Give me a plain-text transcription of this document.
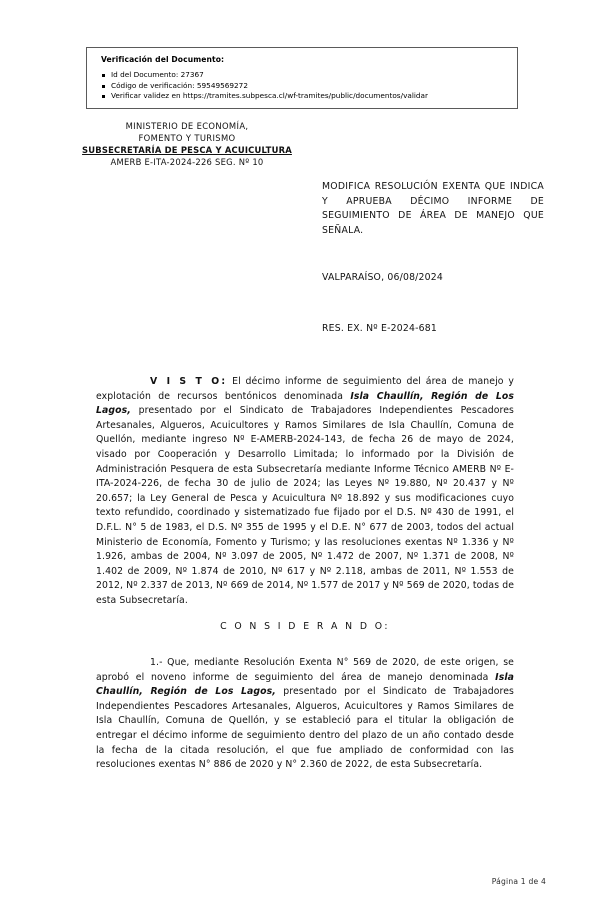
Verificación del Documento:
Id del Documento: 27367
Código de verificación: 59549569272
Verificar validez en https://tramites.subpesca.cl/wf-tramites/public/documentos/validar
MINISTERIO DE ECONOMÍA,
FOMENTO Y TURISMO
SUBSECRETARÍA DE PESCA Y ACUICULTURA
AMERB E-ITA-2024-226 SEG. Nº 10
MODIFICA RESOLUCIÓN EXENTA QUE INDICA Y APRUEBA DÉCIMO INFORME DE SEGUIMIENTO DE ÁREA DE MANEJO QUE SEÑALA.
VALPARAÍSO, 06/08/2024
RES. EX. Nº E-2024-681

V I S T O: El décimo informe de seguimiento del área de manejo y explotación de recursos bentónicos denominada Isla Chaullín, Región de Los Lagos, presentado por el Sindicato de Trabajadores Independientes Pescadores Artesanales, Algueros, Acuicultores y Ramos Similares de Isla Chaullín, Comuna de Quellón, mediante ingreso Nº E-AMERB-2024-143, de fecha 26 de mayo de 2024, visado por Cooperación y Desarrollo Limitada; lo informado por la División de Administración Pesquera de esta Subsecretaría mediante Informe Técnico AMERB Nº E-ITA-2024-226, de fecha 30 de julio de 2024; las Leyes Nº 19.880, Nº 20.437 y Nº 20.657; la Ley General de Pesca y Acuicultura Nº 18.892 y sus modificaciones cuyo texto refundido, coordinado y sistematizado fue fijado por el D.S. Nº 430 de 1991, el D.F.L. N° 5 de 1983, el D.S. Nº 355 de 1995 y el D.E. N° 677 de 2003, todos del actual Ministerio de Economía, Fomento y Turismo; y las resoluciones exentas Nº 1.336 y Nº 1.926, ambas de 2004, Nº 3.097 de 2005, Nº 1.472 de 2007, Nº 1.371 de 2008, Nº 1.402 de 2009, Nº 1.874 de 2010, Nº 617 y Nº 2.118, ambas de 2011, Nº 1.553 de 2012, Nº 2.337 de 2013, Nº 669 de 2014, Nº 1.577 de 2017 y Nº 569 de 2020, todas de esta Subsecretaría.

C O N S I D E R A N D O:

1.- Que, mediante Resolución Exenta N° 569 de 2020, de este origen, se aprobó el noveno informe de seguimiento del área de manejo denominada Isla Chaullín, Región de Los Lagos, presentado por el Sindicato de Trabajadores Independientes Pescadores Artesanales, Algueros, Acuicultores y Ramos Similares de Isla Chaullín, Comuna de Quellón, y se estableció para el titular la obligación de entregar el décimo informe de seguimiento dentro del plazo de un año contado desde la fecha de la citada resolución, el que fue ampliado de conformidad con las resoluciones exentas N° 886 de 2020 y N° 2.360 de 2022, de esta Subsecretaría.

Página 1 de 4
